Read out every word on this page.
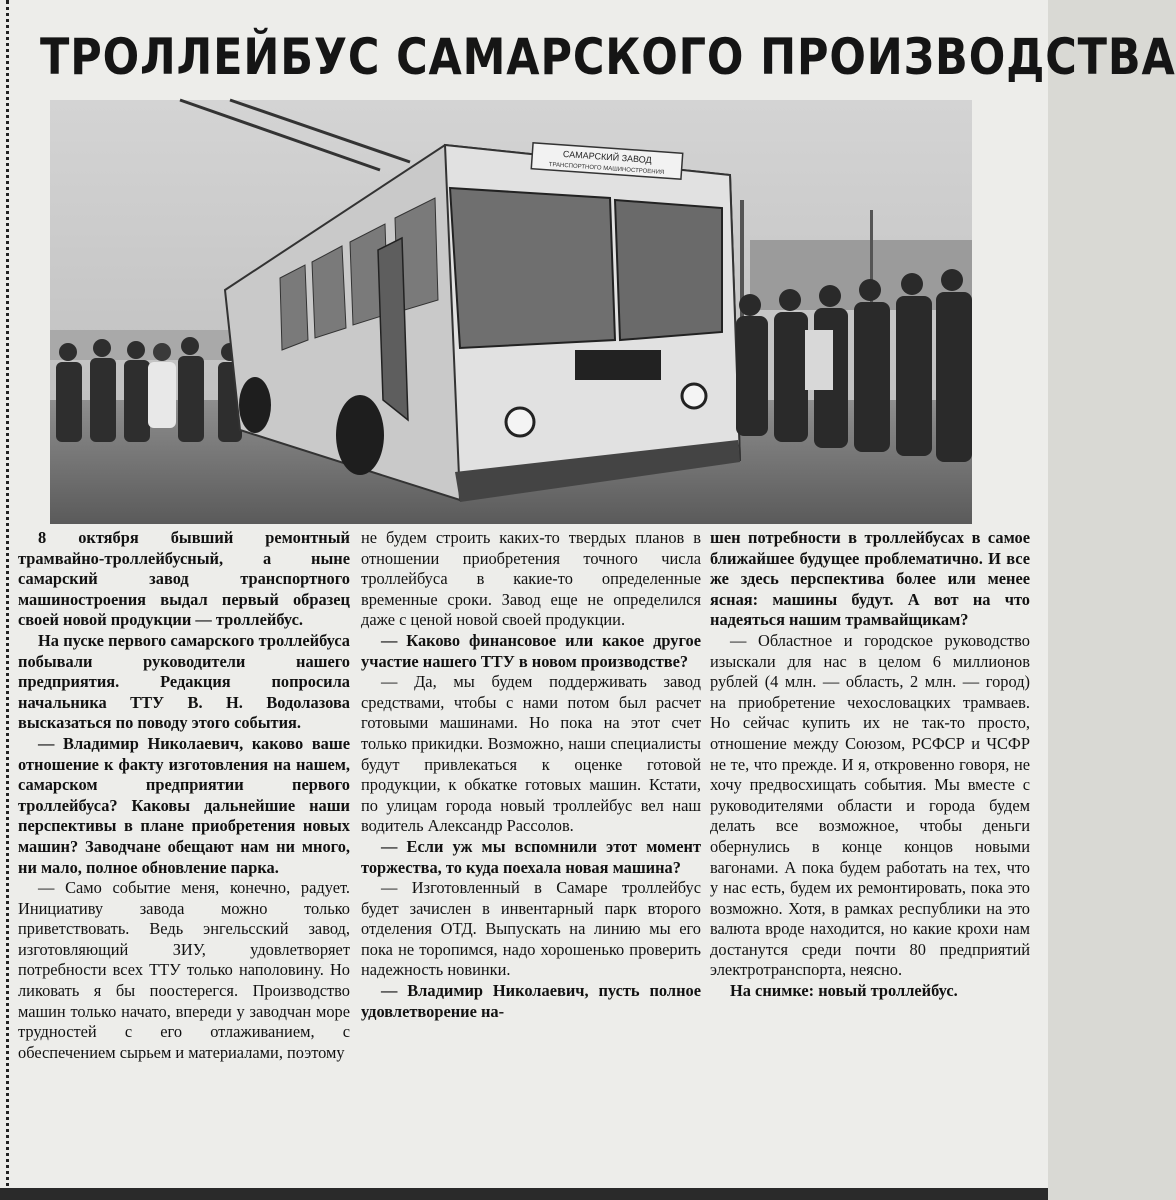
ТРОЛЛЕЙБУС САМАРСКОГО ПРОИЗВОДСТВА
САМАРСКИЙ ЗАВОД
ТРАНСПОРТНОГО МАШИНОСТРОЕНИЯ

8 октября бывший ремонтный трамвайно-троллейбусный, а ныне самарский завод транспортного машиностроения выдал первый образец своей новой продукции — троллейбус.

На пуске первого самарского троллейбуса побывали руководители нашего предприятия. Редакция попросила начальника ТТУ В. Н. Водолазова высказаться по поводу этого события.

— Владимир Николаевич, каково ваше отношение к факту изготовления на нашем, самарском предприятии первого троллейбуса? Каковы дальнейшие наши перспективы в плане приобретения новых машин? Заводчане обещают нам ни много, ни мало, полное обновление парка.

— Само событие меня, конечно, радует. Инициативу завода можно только приветствовать. Ведь энгельсский завод, изготовляющий ЗИУ, удовлетворяет потребности всех ТТУ только наполовину. Но ликовать я бы поостерегся. Производство машин только начато, впереди у заводчан море трудностей с его отлаживанием, с обеспечением сырьем и материалами, поэтому

не будем строить каких-то твердых планов в отношении приобретения точного числа троллейбуса в какие-то определенные временные сроки. Завод еще не определился даже с ценой новой своей продукции.

— Каково финансовое или какое другое участие нашего ТТУ в новом производстве?

— Да, мы будем поддерживать завод средствами, чтобы с нами потом был расчет готовыми машинами. Но пока на этот счет только прикидки. Возможно, наши специалисты будут привлекаться к оценке готовой продукции, к обкатке готовых машин. Кстати, по улицам города новый троллейбус вел наш водитель Александр Рассолов.

— Если уж мы вспомнили этот момент торжества, то куда поехала новая машина?

— Изготовленный в Самаре троллейбус будет зачислен в инвентарный парк второго отделения ОТД. Выпускать на линию мы его пока не торопимся, надо хорошенько проверить надежность новинки.

— Владимир Николаевич, пусть полное удовлетворение на-

шен потребности в троллейбусах в самое ближайшее будущее проблематично. И все же здесь перспектива более или менее ясная: машины будут. А вот на что надеяться нашим трамвайщикам?

— Областное и городское руководство изыскали для нас в целом 6 миллионов рублей (4 млн. — область, 2 млн. — город) на приобретение чехословацких трамваев. Но сейчас купить их не так-то просто, отношение между Союзом, РСФСР и ЧСФР не те, что прежде. И я, откровенно говоря, не хочу предвосхищать события. Мы вместе с руководителями области и города будем делать все возможное, чтобы деньги обернулись в конце концов новыми вагонами. А пока будем работать на тех, что у нас есть, будем их ремонтировать, пока это возможно. Хотя, в рамках республики на это валюта вроде находится, но какие крохи нам достанутся среди почти 80 предприятий электротранспорта, неясно.

На снимке: новый троллейбус.
